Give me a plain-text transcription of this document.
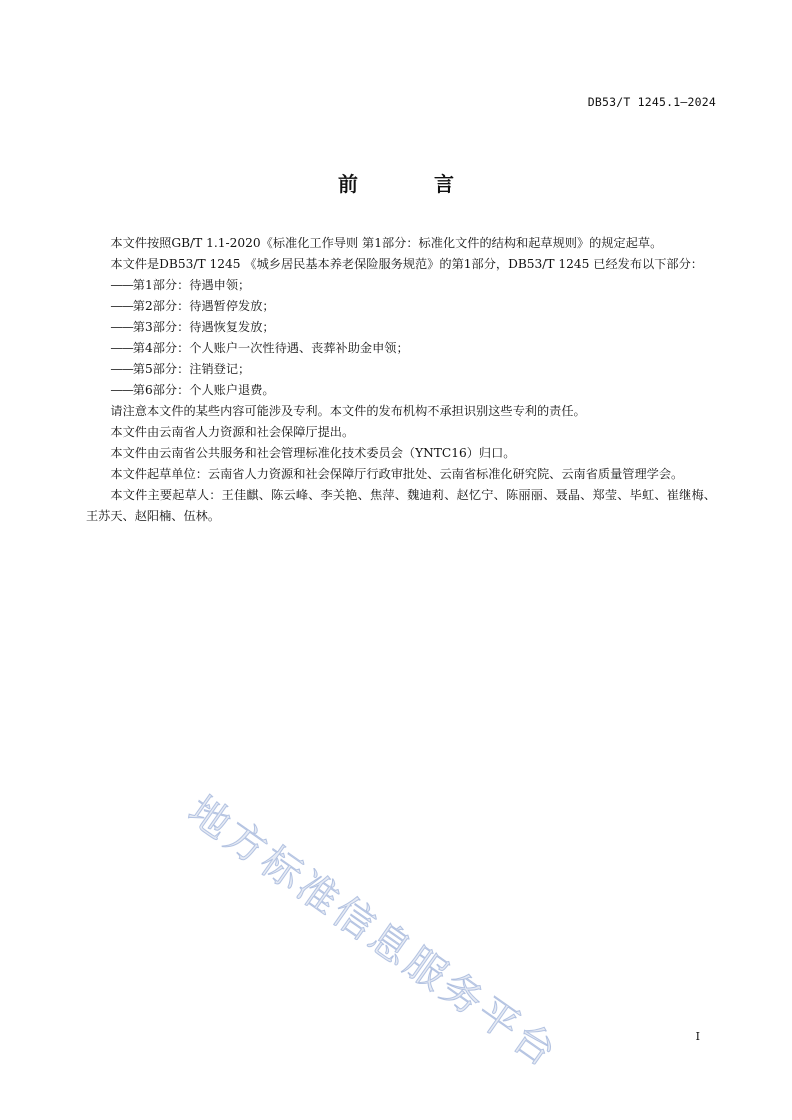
DB53/T 1245.1—2024
前　言

本文件按照GB/T 1.1-2020《标准化工作导则 第1部分：标准化文件的结构和起草规则》的规定起草。

本文件是DB53/T 1245 《城乡居民基本养老保险服务规范》的第1部分，DB53/T 1245 已经发布以下部分：

——第1部分：待遇申领；
——第2部分：待遇暂停发放；
——第3部分：待遇恢复发放；
——第4部分：个人账户一次性待遇、丧葬补助金申领；
——第5部分：注销登记；
——第6部分：个人账户退费。

请注意本文件的某些内容可能涉及专利。本文件的发布机构不承担识别这些专利的责任。

本文件由云南省人力资源和社会保障厅提出。

本文件由云南省公共服务和社会管理标准化技术委员会（YNTC16）归口。

本文件起草单位：云南省人力资源和社会保障厅行政审批处、云南省标准化研究院、云南省质量管理学会。

本文件主要起草人：王佳麒、陈云峰、李关艳、焦萍、魏迪莉、赵忆宁、陈丽丽、聂晶、郑莹、毕虹、崔继梅、王苏天、赵阳楠、伍林。

地方标准信息服务平台	I
